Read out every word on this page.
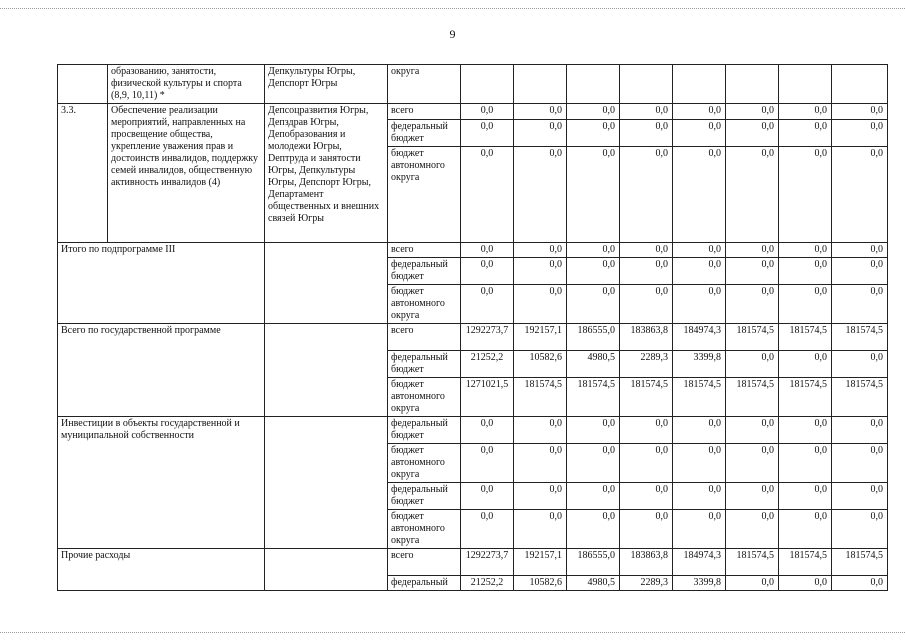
9
	образованию, занятости, физической культуры и спорта (8,9, 10,11) *	Депкультуры Югры, Депспорт Югры	округа								
3.3.	Обеспечение реализации мероприятий, направленных на просвещение общества, укрепление уважения прав и достоинств инвалидов, поддержку семей инвалидов, общественную активность инвалидов (4)	Депсоцразвития Югры, Депздрав Югры, Депобразования и молодежи Югры, Deптруда и занятости Югры, Депкультуры Югры, Депспорт Югры, Департамент общественных и внешних связей Югры	всего	0,0	0,0	0,0	0,0	0,0	0,0	0,0	0,0
			федеральный бюджет	0,0	0,0	0,0	0,0	0,0	0,0	0,0	0,0
			бюджет автономного округа	0,0	0,0	0,0	0,0	0,0	0,0	0,0	0,0
Итого по подпрограмме III			всего	0,0	0,0	0,0	0,0	0,0	0,0	0,0	0,0
			федеральный бюджет	0,0	0,0	0,0	0,0	0,0	0,0	0,0	0,0
			бюджет автономного округа	0,0	0,0	0,0	0,0	0,0	0,0	0,0	0,0
Всего по государственной программе			всего	1292273,7	192157,1	186555,0	183863,8	184974,3	181574,5	181574,5	181574,5
			федеральный бюджет	21252,2	10582,6	4980,5	2289,3	3399,8	0,0	0,0	0,0
			бюджет автономного округа	1271021,5	181574,5	181574,5	181574,5	181574,5	181574,5	181574,5	181574,5
Инвестиции в объекты государственной и муниципальной собственности			федеральный бюджет	0,0	0,0	0,0	0,0	0,0	0,0	0,0	0,0
			бюджет автономного округа	0,0	0,0	0,0	0,0	0,0	0,0	0,0	0,0
			федеральный бюджет	0,0	0,0	0,0	0,0	0,0	0,0	0,0	0,0
			бюджет автономного округа	0,0	0,0	0,0	0,0	0,0	0,0	0,0	0,0
Прочие расходы			всего	1292273,7	192157,1	186555,0	183863,8	184974,3	181574,5	181574,5	181574,5
			федеральный	21252,2	10582,6	4980,5	2289,3	3399,8	0,0	0,0	0,0
